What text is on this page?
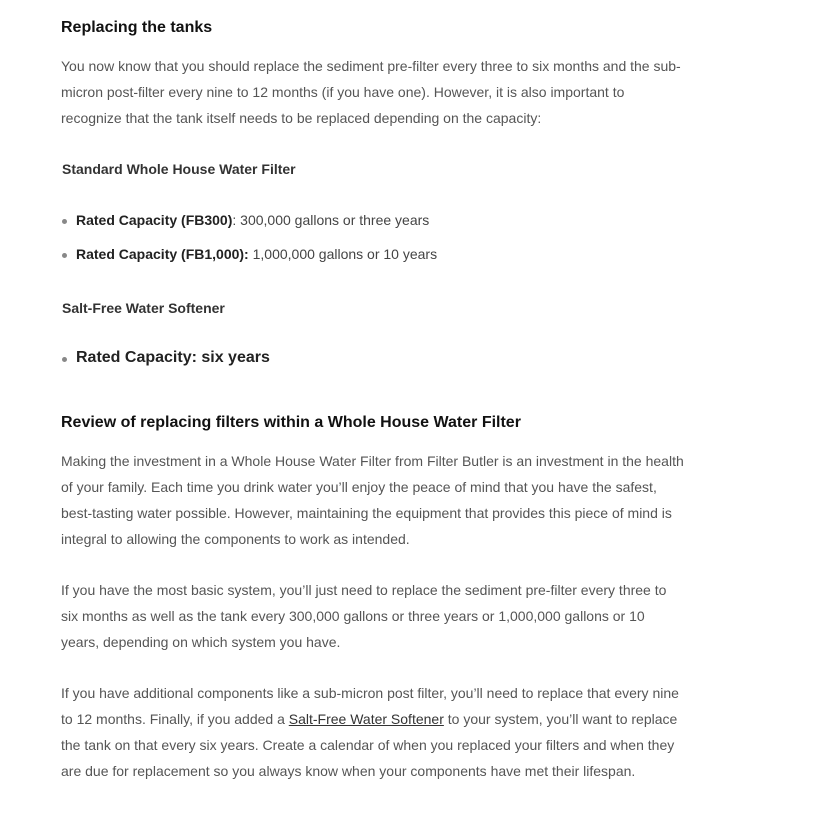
Replacing the tanks

You now know that you should replace the sediment pre-filter every three to six months and the sub-micron post-filter every nine to 12 months (if you have one). However, it is also important to recognize that the tank itself needs to be replaced depending on the capacity:

Standard Whole House Water Filter
Rated Capacity (FB300): 300,000 gallons or three years
Rated Capacity (FB1,000): 1,000,000 gallons or 10 years
Salt-Free Water Softener
Rated Capacity: six years
Review of replacing filters within a Whole House Water Filter

Making the investment in a Whole House Water Filter from Filter Butler is an investment in the health of your family. Each time you drink water you’ll enjoy the peace of mind that you have the safest, best-tasting water possible. However, maintaining the equipment that provides this piece of mind is integral to allowing the components to work as intended.

If you have the most basic system, you’ll just need to replace the sediment pre-filter every three to six months as well as the tank every 300,000 gallons or three years or 1,000,000 gallons or 10 years, depending on which system you have.

If you have additional components like a sub-micron post filter, you’ll need to replace that every nine to 12 months. Finally, if you added a Salt-Free Water Softener to your system, you’ll want to replace the tank on that every six years. Create a calendar of when you replaced your filters and when they are due for replacement so you always know when your components have met their lifespan.
